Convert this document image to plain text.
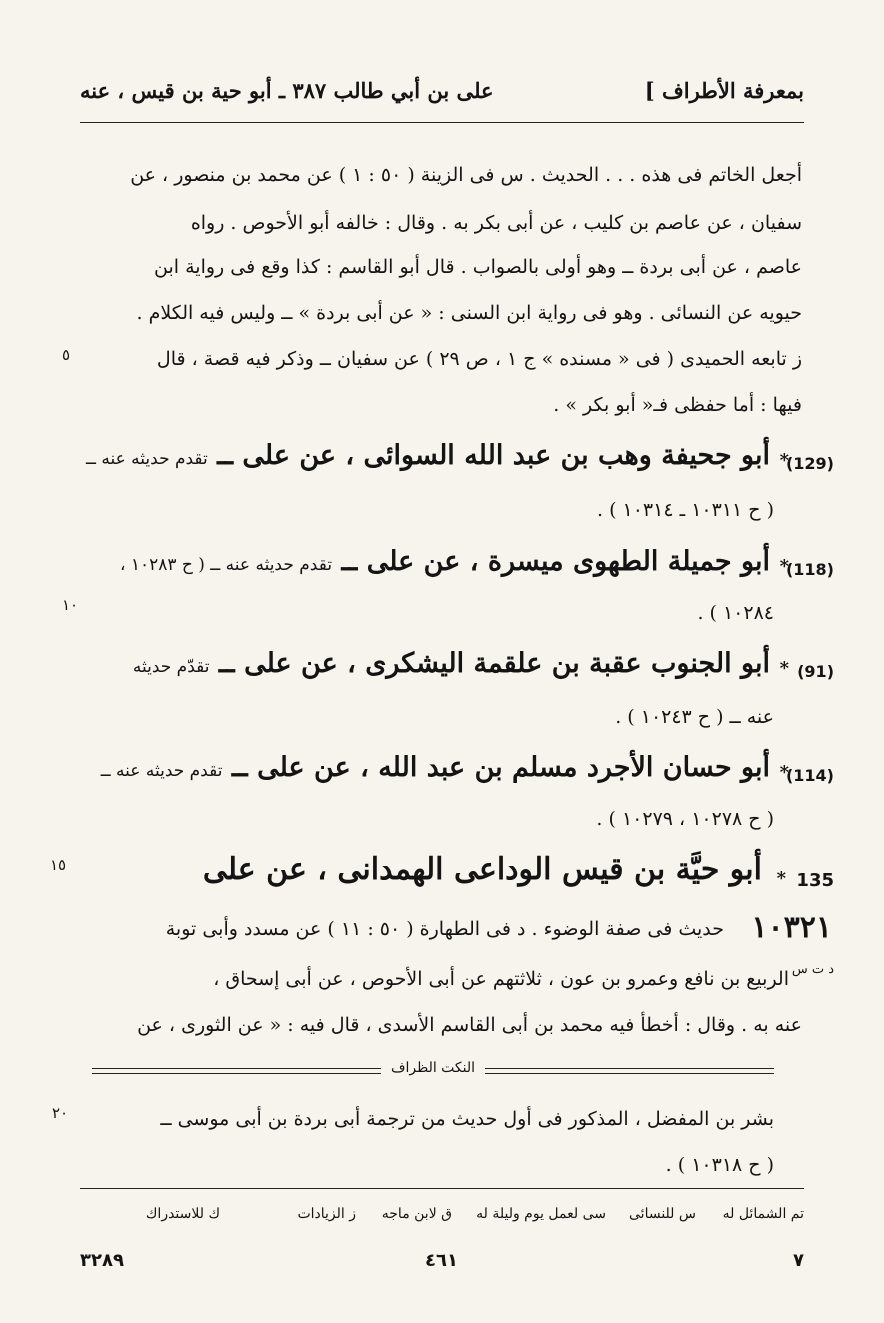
بمعرفة الأطراف ]
على بن أبي طالب ٣٨٧ ـ أبو حية بن قيس ، عنه
أجعل الخاتم فى هذه . . . الحديث . س فى الزينة ( ٥٠ : ١ ) عن محمد بن منصور ، عن
سفيان ، عن عاصم بن كليب ، عن أبى بكر به . وقال : خالفه أبو الأحوص . رواه
عاصم ، عن أبى بردة ــ وهو أولى بالصواب . قال أبو القاسم : كذا وقع فى رواية ابن
حيويه عن النسائى . وهو فى رواية ابن السنى : « عن أبى بردة » ــ وليس فيه الكلام .
ز تابعه الحميدى ( فى « مسنده » ج ١ ، ص ٢٩ ) عن سفيان ــ وذكر فيه قصة ، قال
فيها : أما حفظى فـ« أبو بكر » .
٥
(129)
*
أبو جحيفة وهب بن عبد الله السوائى ، عن على ــ تقدم حديثه عنه ــ
( ح ١٠٣١١ ـ ١٠٣١٤ ) .
(118)
*
أبو جميلة الطهوى ميسرة ، عن على ــ تقدم حديثه عنه ــ ( ح ١٠٢٨٣ ،
١٠٢٨٤ ) .
١٠
(91)
*
أبو الجنوب عقبة بن علقمة اليشكرى ، عن على ــ تقدّم حديثه
عنه ــ ( ح ١٠٢٤٣ ) .
(114)
*
أبو حسان الأجرد مسلم بن عبد الله ، عن على ــ تقدم حديثه عنه ــ
( ح ١٠٢٧٨ ، ١٠٢٧٩ ) .
135
*
أبو حيَّة بن قيس الوداعى الهمدانى ، عن على
١٥
١٠٣٢١
حديث فى صفة الوضوء . د فى الطهارة ( ٥٠ : ١١ ) عن مسدد وأبى توبة
د ت س
الربيع بن نافع وعمرو بن عون ، ثلاثتهم عن أبى الأحوص ، عن أبى إسحاق ،
عنه به . وقال : أخطأ فيه محمد بن أبى القاسم الأسدى ، قال فيه : « عن الثورى ، عن
النكت الظراف
بشر بن المفضل ، المذكور فى أول حديث من ترجمة أبى بردة بن أبى موسى ــ
( ح ١٠٣١٨ ) .
٢٠
تم الشمائل له
س للنسائى
سى لعمل يوم وليلة له
ق لابن ماجه
ز الزيادات
ك للاستدراك
٣٢٨٩	٤٦١	٧
